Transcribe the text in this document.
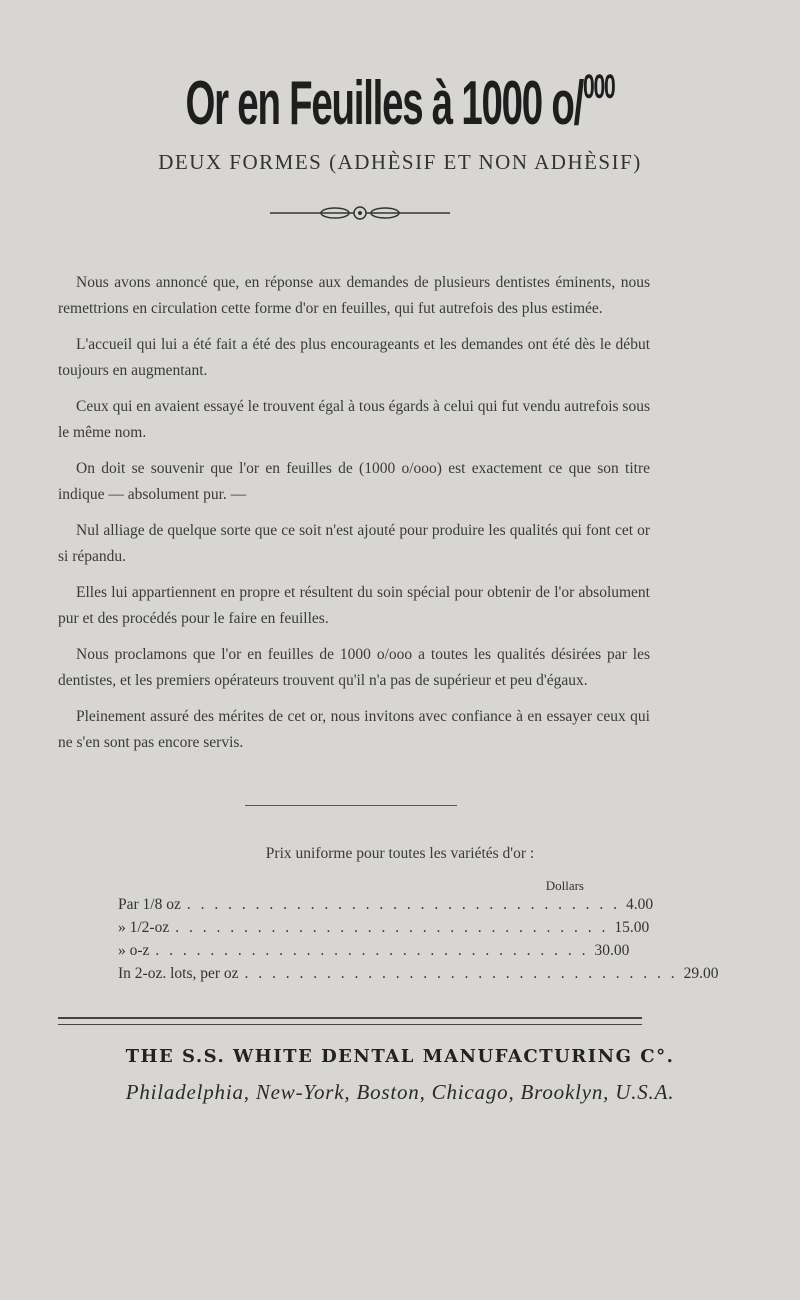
Or en Feuilles à 1000 o/$^{000}$
DEUX FORMES (ADHÈSIF ET NON ADHÈSIF)

Nous avons annoncé que, en réponse aux demandes de plusieurs dentistes éminents, nous remettrions en circulation cette forme d'or en feuilles, qui fut autrefois des plus estimée.

L'accueil qui lui a été fait a été des plus encourageants et les demandes ont été dès le début toujours en augmentant.

Ceux qui en avaient essayé le trouvent égal à tous égards à celui qui fut vendu autrefois sous le même nom.

On doit se souvenir que l'or en feuilles de (1000 o/ooo) est exactement ce que son titre indique — absolument pur. —

Nul alliage de quelque sorte que ce soit n'est ajouté pour produire les qualités qui font cet or si répandu.

Elles lui appartiennent en propre et résultent du soin spécial pour obtenir de l'or absolument pur et des procédés pour le faire en feuilles.

Nous proclamons que l'or en feuilles de 1000 o/ooo a toutes les qualités désirées par les dentistes, et les premiers opérateurs trouvent qu'il n'a pas de supérieur et peu d'égaux.

Pleinement assuré des mérites de cet or, nous invitons avec confiance à en essayer ceux qui ne s'en sont pas encore servis.

Prix uniforme pour toutes les variétés d'or :
Dollars
Par 1/8 oz . . . . . . . . . . . . . . . . . . . . . . . . . . . . . . . . 4.00
» 1/2-oz . . . . . . . . . . . . . . . . . . . . . . . . . . . . . . . . 15.00
» o-z . . . . . . . . . . . . . . . . . . . . . . . . . . . . . . . . 30.00
In 2-oz. lots, per oz . . . . . . . . . . . . . . . . . . . . . . . . . . . . . . . . 29.00
THE S.S. WHITE DENTAL MANUFACTURING C°.
Philadelphia, New-York, Boston, Chicago, Brooklyn, U.S.A.
